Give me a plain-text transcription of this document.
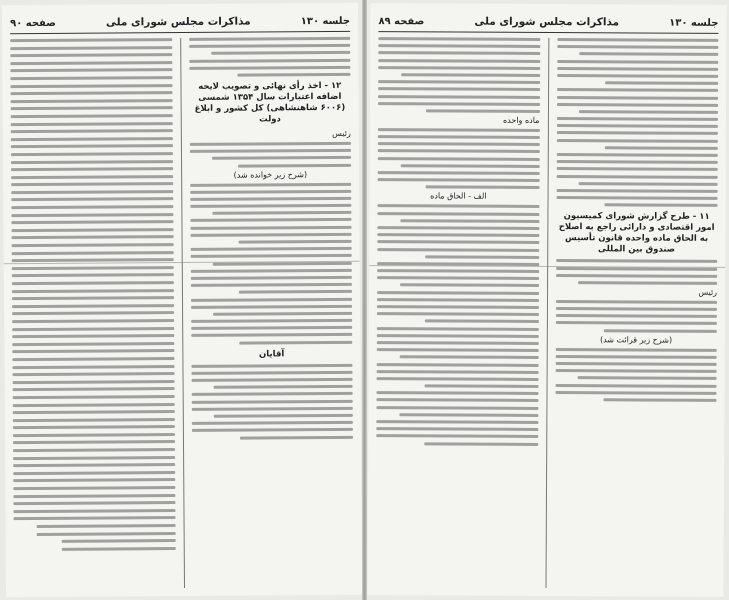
جلسه ۱۳۰
مذاکرات مجلس شورای ملی
صفحه ۹۰
۱۲ - اخذ رأی نهائی و تصویب لایحه اضافه اعتبارات سال ۱۳۵۴ شمسی (۶۰۰۶ شاهنشاهی) کل کشور و ابلاغ دولت
رئیس
(شرح زیر خوانده شد)
آقایان
جلسه ۱۳۰
مذاکرات مجلس شورای ملی
صفحه ۸۹
۱۱ - طرح گزارش شورای کمیسیون امور اقتصادی و دارائی راجع به اصلاح به الحاق ماده واحده قانون تأسیس صندوق بین المللی
رئیس
(شرح زیر قرائت شد)
ماده واحده
الف - الحاق ماده
